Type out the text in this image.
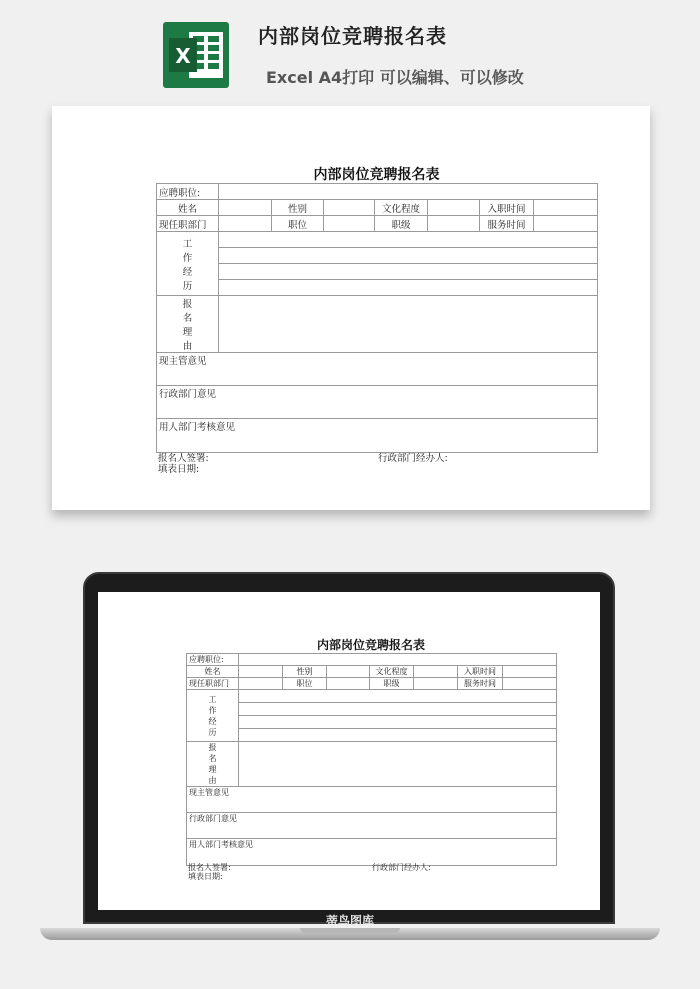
X
内部岗位竞聘报名表
Excel A4打印 可以编辑、可以修改
内部岗位竞聘报名表
应聘职位:							
姓名		性别		文化程度		入职时间	
现任职部门		职位		职级		服务时间	

工
作
经
历							

报
名
理
由							

现主管意见							
行政部门意见							
用人部门考核意见							
报名人签署:	行政部门经办人:
填表日期:
内部岗位竞聘报名表
应聘职位:							
姓名		性别		文化程度		入职时间	
现任职部门		职位		职级		服务时间	

工
作
经
历							

报
名
理
由							

现主管意见							
行政部门意见							
用人部门考核意见							
报名人签署:	行政部门经办人:
填表日期:
蒂鸟图库
